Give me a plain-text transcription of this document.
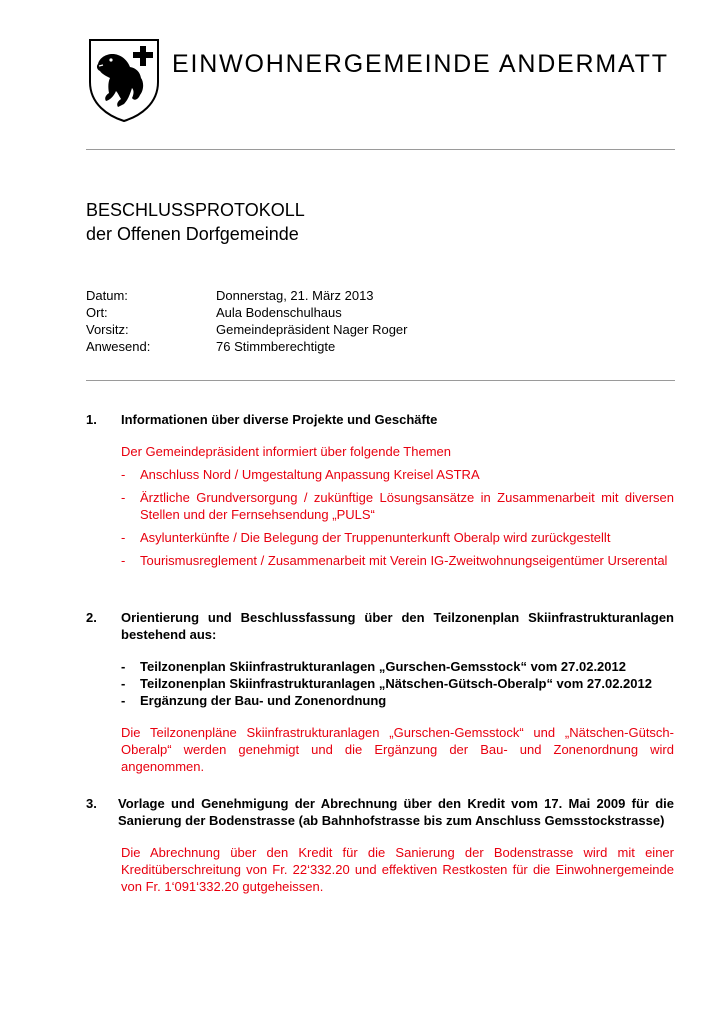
EINWOHNERGEMEINDE ANDERMATT
BESCHLUSSPROTOKOLL
der Offenen Dorfgemeinde
Datum:	Donnerstag, 21. März 2013
Ort:	Aula Bodenschulhaus
Vorsitz:	Gemeindepräsident Nager Roger
Anwesend:	76 Stimmberechtigte
1.	Informationen über diverse Projekte und Geschäfte
Der Gemeindepräsident informiert über folgende Themen
-	Anschluss Nord / Umgestaltung Anpassung Kreisel ASTRA
-	Ärztliche Grundversorgung / zukünftige Lösungsansätze in Zusammenarbeit mit diversen Stellen und der Fernsehsendung „PULS“
-	Asylunterkünfte / Die Belegung der Truppenunterkunft Oberalp wird zurückgestellt
-	Tourismusreglement / Zusammenarbeit mit Verein IG-Zweitwohnungseigentümer Urserental
2.	Orientierung und Beschlussfassung über den Teilzonenplan Skiinfrastrukturanlagen bestehend aus:
-	Teilzonenplan Skiinfrastrukturanlagen „Gurschen-Gemsstock“ vom 27.02.2012
-	Teilzonenplan Skiinfrastrukturanlagen „Nätschen-Gütsch-Oberalp“ vom 27.02.2012
-	Ergänzung der Bau- und Zonenordnung
Die Teilzonenpläne Skiinfrastrukturanlagen „Gurschen-Gemsstock“ und „Nätschen-Gütsch-Oberalp“ werden genehmigt und die Ergänzung der Bau- und Zonenordnung wird angenommen.
3.	Vorlage und Genehmigung der Abrechnung über den Kredit vom 17. Mai 2009 für die Sanierung der Bodenstrasse (ab Bahnhofstrasse bis zum Anschluss Gemsstockstrasse)
Die Abrechnung über den Kredit für die Sanierung der Bodenstrasse wird mit einer Kreditüberschreitung von Fr. 22‘332.20 und effektiven Restkosten für die Einwohnergemeinde von Fr. 1‘091‘332.20 gutgeheissen.
